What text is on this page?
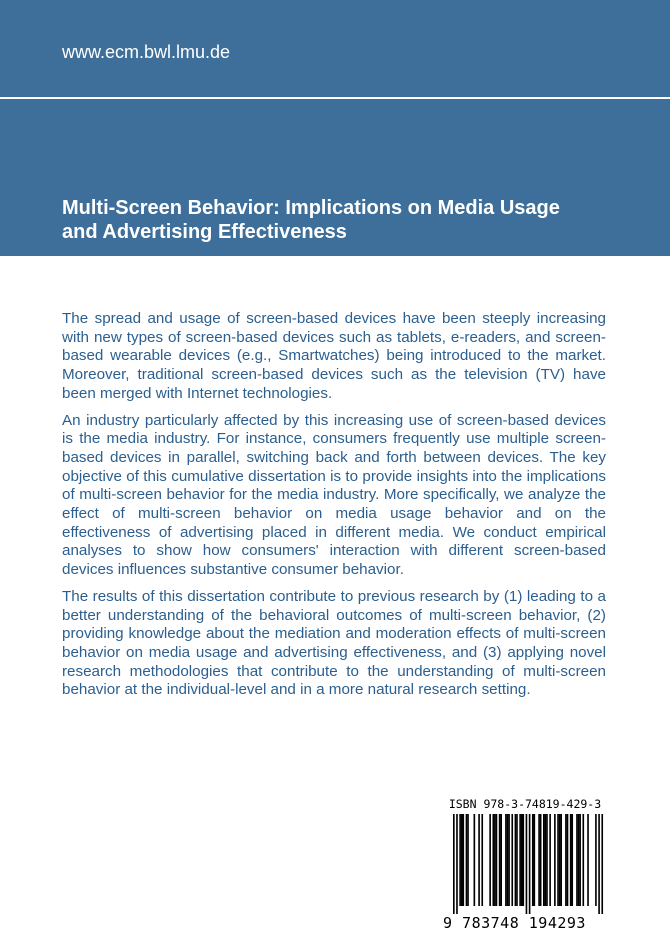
www.ecm.bwl.lmu.de
Multi-Screen Behavior: Implications on Media Usage and Advertising Effectiveness

The spread and usage of screen-based devices have been steeply increasing with new types of screen-based devices such as tablets, e-readers, and screen-based wearable devices (e.g., Smartwatches) being introduced to the market. Moreover, traditional screen-based devices such as the television (TV) have been merged with Internet technologies.

An industry particularly affected by this increasing use of screen-based devices is the media industry. For instance, consumers frequently use multiple screen-based devices in parallel, switching back and forth between devices. The key objective of this cumulative dissertation is to provide insights into the implications of multi-screen behavior for the media industry. More specifically, we analyze the effect of multi-screen behavior on media usage behavior and on the effectiveness of advertising placed in different media. We conduct empirical analyses to show how consumers' interaction with different screen-based devices influences substantive consumer behavior.

The results of this dissertation contribute to previous research by (1) leading to a better understanding of the behavioral outcomes of multi-screen behavior, (2) providing knowledge about the mediation and moderation effects of multi-screen behavior on media usage and advertising effectiveness, and (3) applying novel research methodologies that contribute to the understanding of multi-screen behavior at the individual-level and in a more natural research setting.

ISBN 978-3-74819-429-3
9 783748 194293
